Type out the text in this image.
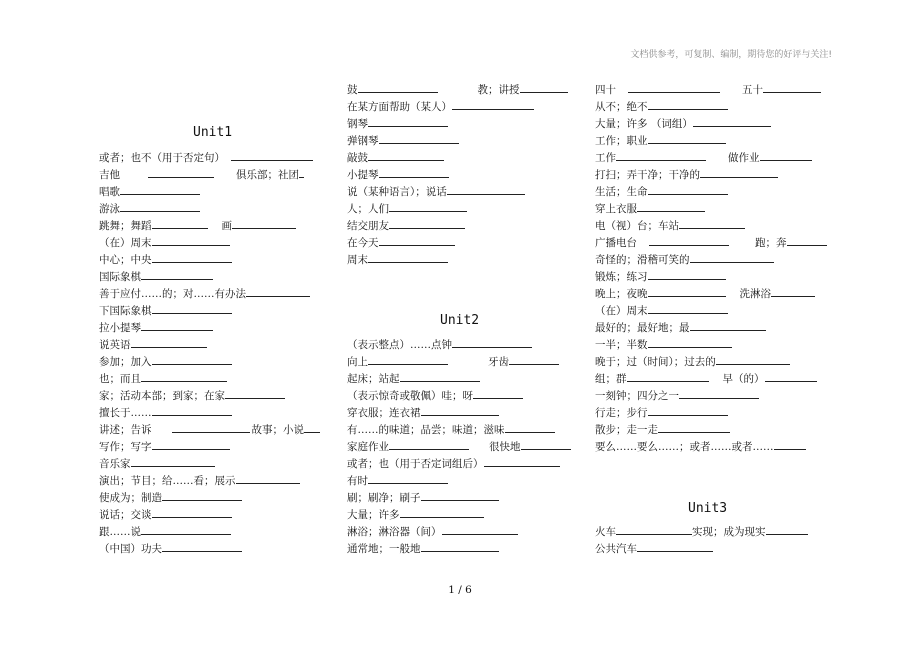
文档供参考，可复制、编制，期待您的好评与关注!
Unit1
或者；也不（用于否定句）
吉他	俱乐部；社团
唱歌
游泳
跳舞；舞蹈	画
（在）周末
中心；中央
国际象棋
善于应付……的；对……有办法
下国际象棋
拉小提琴
说英语
参加；加入
也；而且
家；活动本部；到家；在家
擅长于……
讲述；告诉	故事；小说
写作；写字
音乐家
演出；节目；给……看；展示
使成为；制造
说话；交谈
跟……说
（中国）功夫
鼓	教；讲授
在某方面帮助（某人）
钢琴
弹钢琴
敲鼓
小提琴
说（某种语言）；说话
人；人们
结交朋友
在今天
周末
Unit2
（表示整点）……点钟
向上	牙齿
起床；站起
（表示惊奇或敬佩）哇；呀
穿衣服；连衣裙
有……的味道；品尝；味道；滋味
家庭作业	很快地
或者；也（用于否定词组后）
有时
刷；刷净；刷子
大量；许多
淋浴；淋浴器（间）
通常地；一般地
四十	五十
从不；绝不
大量；许多 （词组）
工作；职业
工作	做作业
打扫；弄干净；干净的
生活；生命
穿上衣服
电（视）台；车站
广播电台	跑；奔
奇怪的；滑稽可笑的
锻炼；练习
晚上；夜晚	洗淋浴
（在）周末
最好的；最好地；最
一半；半数
晚于；过（时间）；过去的
组；群	早（的）
一刻钟；四分之一
行走；步行
散步；走一走
要么……要么……；或者……或者……
Unit3
火车	实现；成为现实
公共汽车
1 / 6
